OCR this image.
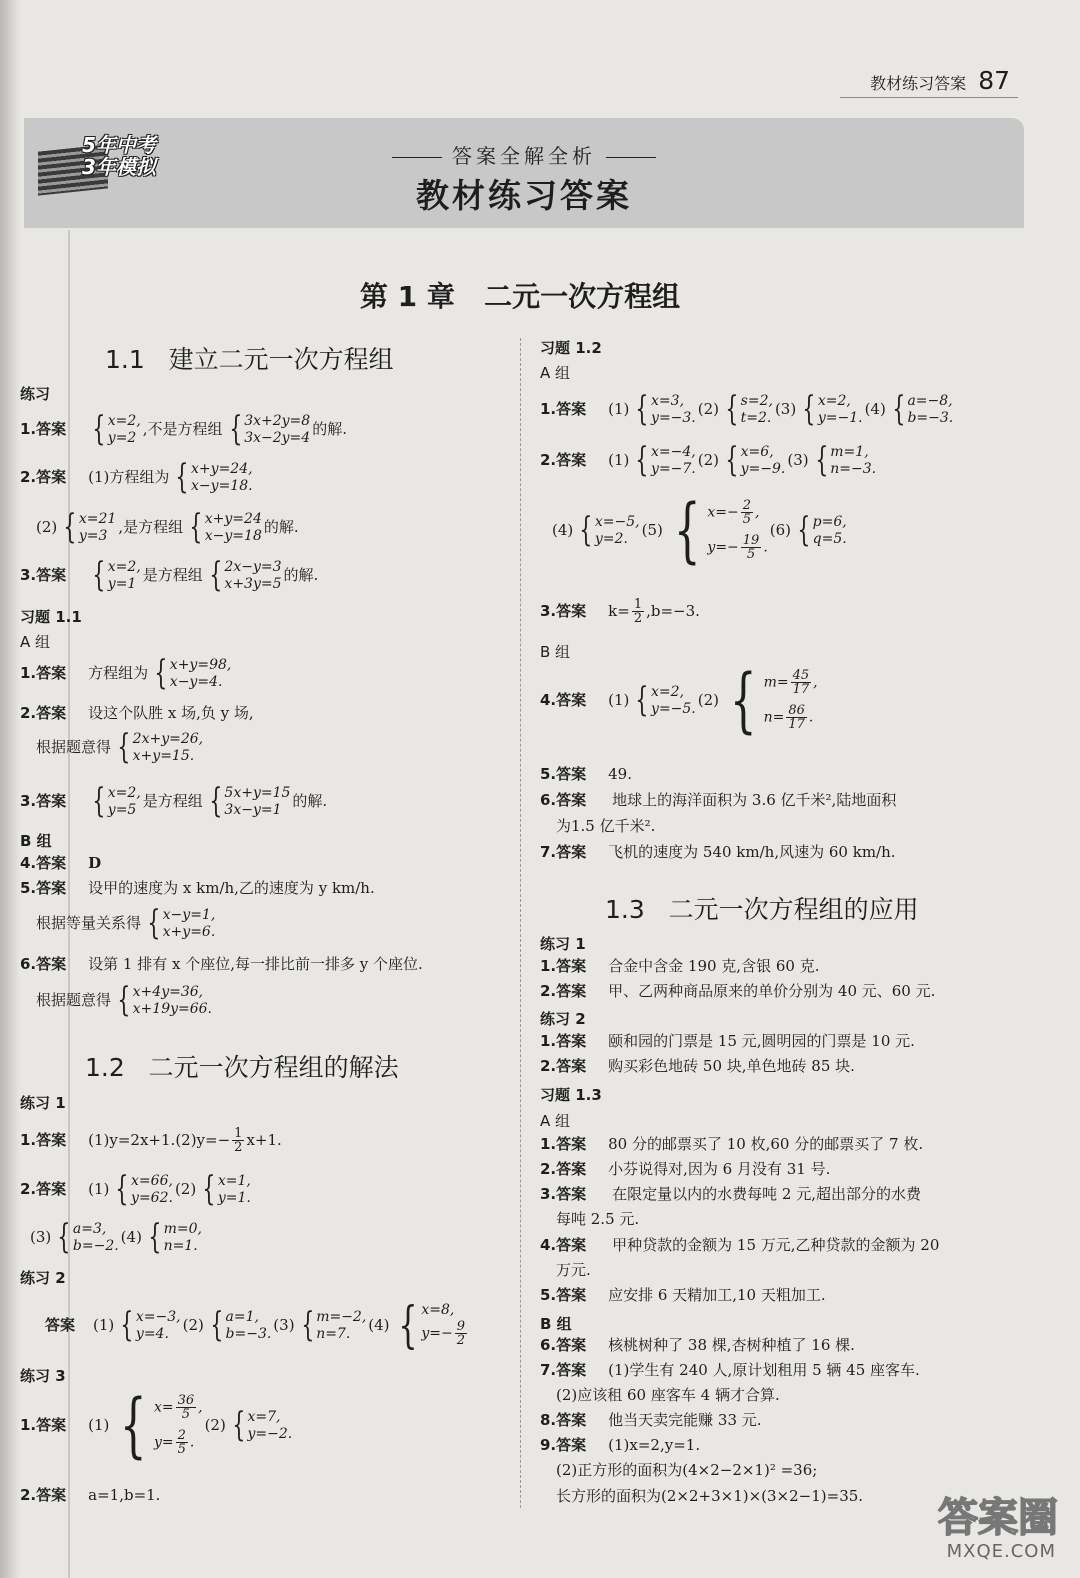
教材练习答案 87
5年中考
3年模拟	答案全解全析
教材练习答案
第 1 章   二元一次方程组
1.1   建立二元一次方程组
练习
1.答案 { x=2,
y=2 ,不是方程组 { 3x+2y=8
3x−2y=4 的解.
2.答案 (1)方程组为 { x+y=24,
x−y=18.
(2) { x=21
y=3 ,是方程组 { x+y=24
x−y=18 的解.
3.答案 { x=2,
y=1 是方程组 { 2x−y=3
x+3y=5 的解.
习题 1.1
A 组
1.答案 方程组为 { x+y=98,
x−y=4.
2.答案 设这个队胜 x 场,负 y 场,
根据题意得 { 2x+y=26,
x+y=15.
3.答案 { x=2,
y=5 是方程组 { 5x+y=15
3x−y=1 的解.
B 组
4.答案 D
5.答案 设甲的速度为 x km/h,乙的速度为 y km/h.
根据等量关系得 { x−y=1,
x+y=6.
6.答案 设第 1 排有 x 个座位,每一排比前一排多 y 个座位.
根据题意得 { x+4y=36,
x+19y=66.
1.2   二元一次方程组的解法
练习 1
1.答案 $(1)y=2x+1.(2)y=- \frac{1}{2} x+1$.
2.答案 (1) { x=66,
y=62. (2) { x=1,
y=1.
(3) { a=3,
b=−2. (4) { m=0,
n=1.
练习 2
答案 (1) { x=−3,
y=4. (2) { a=1,
b=−3. (3) { m=−2,
n=7.	(4) { x=8,
$y=- \frac{9}{2}$
练习 3
1.答案 (1) { $x= \frac{36}{5}$ ,
$y= \frac{2}{5}$ .
(2) { x=7,
y=−2.
2.答案 a=1,b=1.
习题 1.2
A 组
1.答案 (1) { x=3,
y=−3. (2) { s=2,
t=2. (3) { x=2,
y=−1. (4) { a=−8,
b=−3.
2.答案 (1) { x=−4,
y=−7. (2) { x=6,
y=−9. (3) { m=1,
n=−3.
(4) { x=−5,
y=2. (5) { $x=- \frac{2}{5}$ ,
$y=- \frac{19}{5}$ .
(6) { p=6,
q=5.
3.答案 $k= \frac{1}{2} ,b=-3$.
B 组
4.答案 (1) { x=2,
y=−5. (2) { $m= \frac{45}{17}$ ,
$n= \frac{86}{17}$ .
5.答案 49.
6.答案 地球上的海洋面积为 3.6 亿千米²,陆地面积
为1.5 亿千米².
7.答案 飞机的速度为 540 km/h,风速为 60 km/h.
1.3   二元一次方程组的应用
练习 1
1.答案 合金中含金 190 克,含银 60 克.
2.答案 甲、乙两种商品原来的单价分别为 40 元、60 元.
练习 2
1.答案 颐和园的门票是 15 元,圆明园的门票是 10 元.
2.答案 购买彩色地砖 50 块,单色地砖 85 块.
习题 1.3
A 组
1.答案 80 分的邮票买了 10 枚,60 分的邮票买了 7 枚.
2.答案 小芬说得对,因为 6 月没有 31 号.
3.答案 在限定量以内的水费每吨 2 元,超出部分的水费
每吨 2.5 元.
4.答案 甲种贷款的金额为 15 万元,乙种贷款的金额为 20
万元.
5.答案 应安排 6 天精加工,10 天粗加工.
B 组
6.答案 核桃树种了 38 棵,杏树种植了 16 棵.
7.答案 (1)学生有 240 人,原计划租用 5 辆 45 座客车.
(2)应该租 60 座客车 4 辆才合算.
8.答案 他当天卖完能赚 33 元.
9.答案 (1)x=2,y=1.
(2)正方形的面积为(4×2−2×1)² =36;
长方形的面积为(2×2+3×1)×(3×2−1)=35. 答案圈
MXQE.COM
